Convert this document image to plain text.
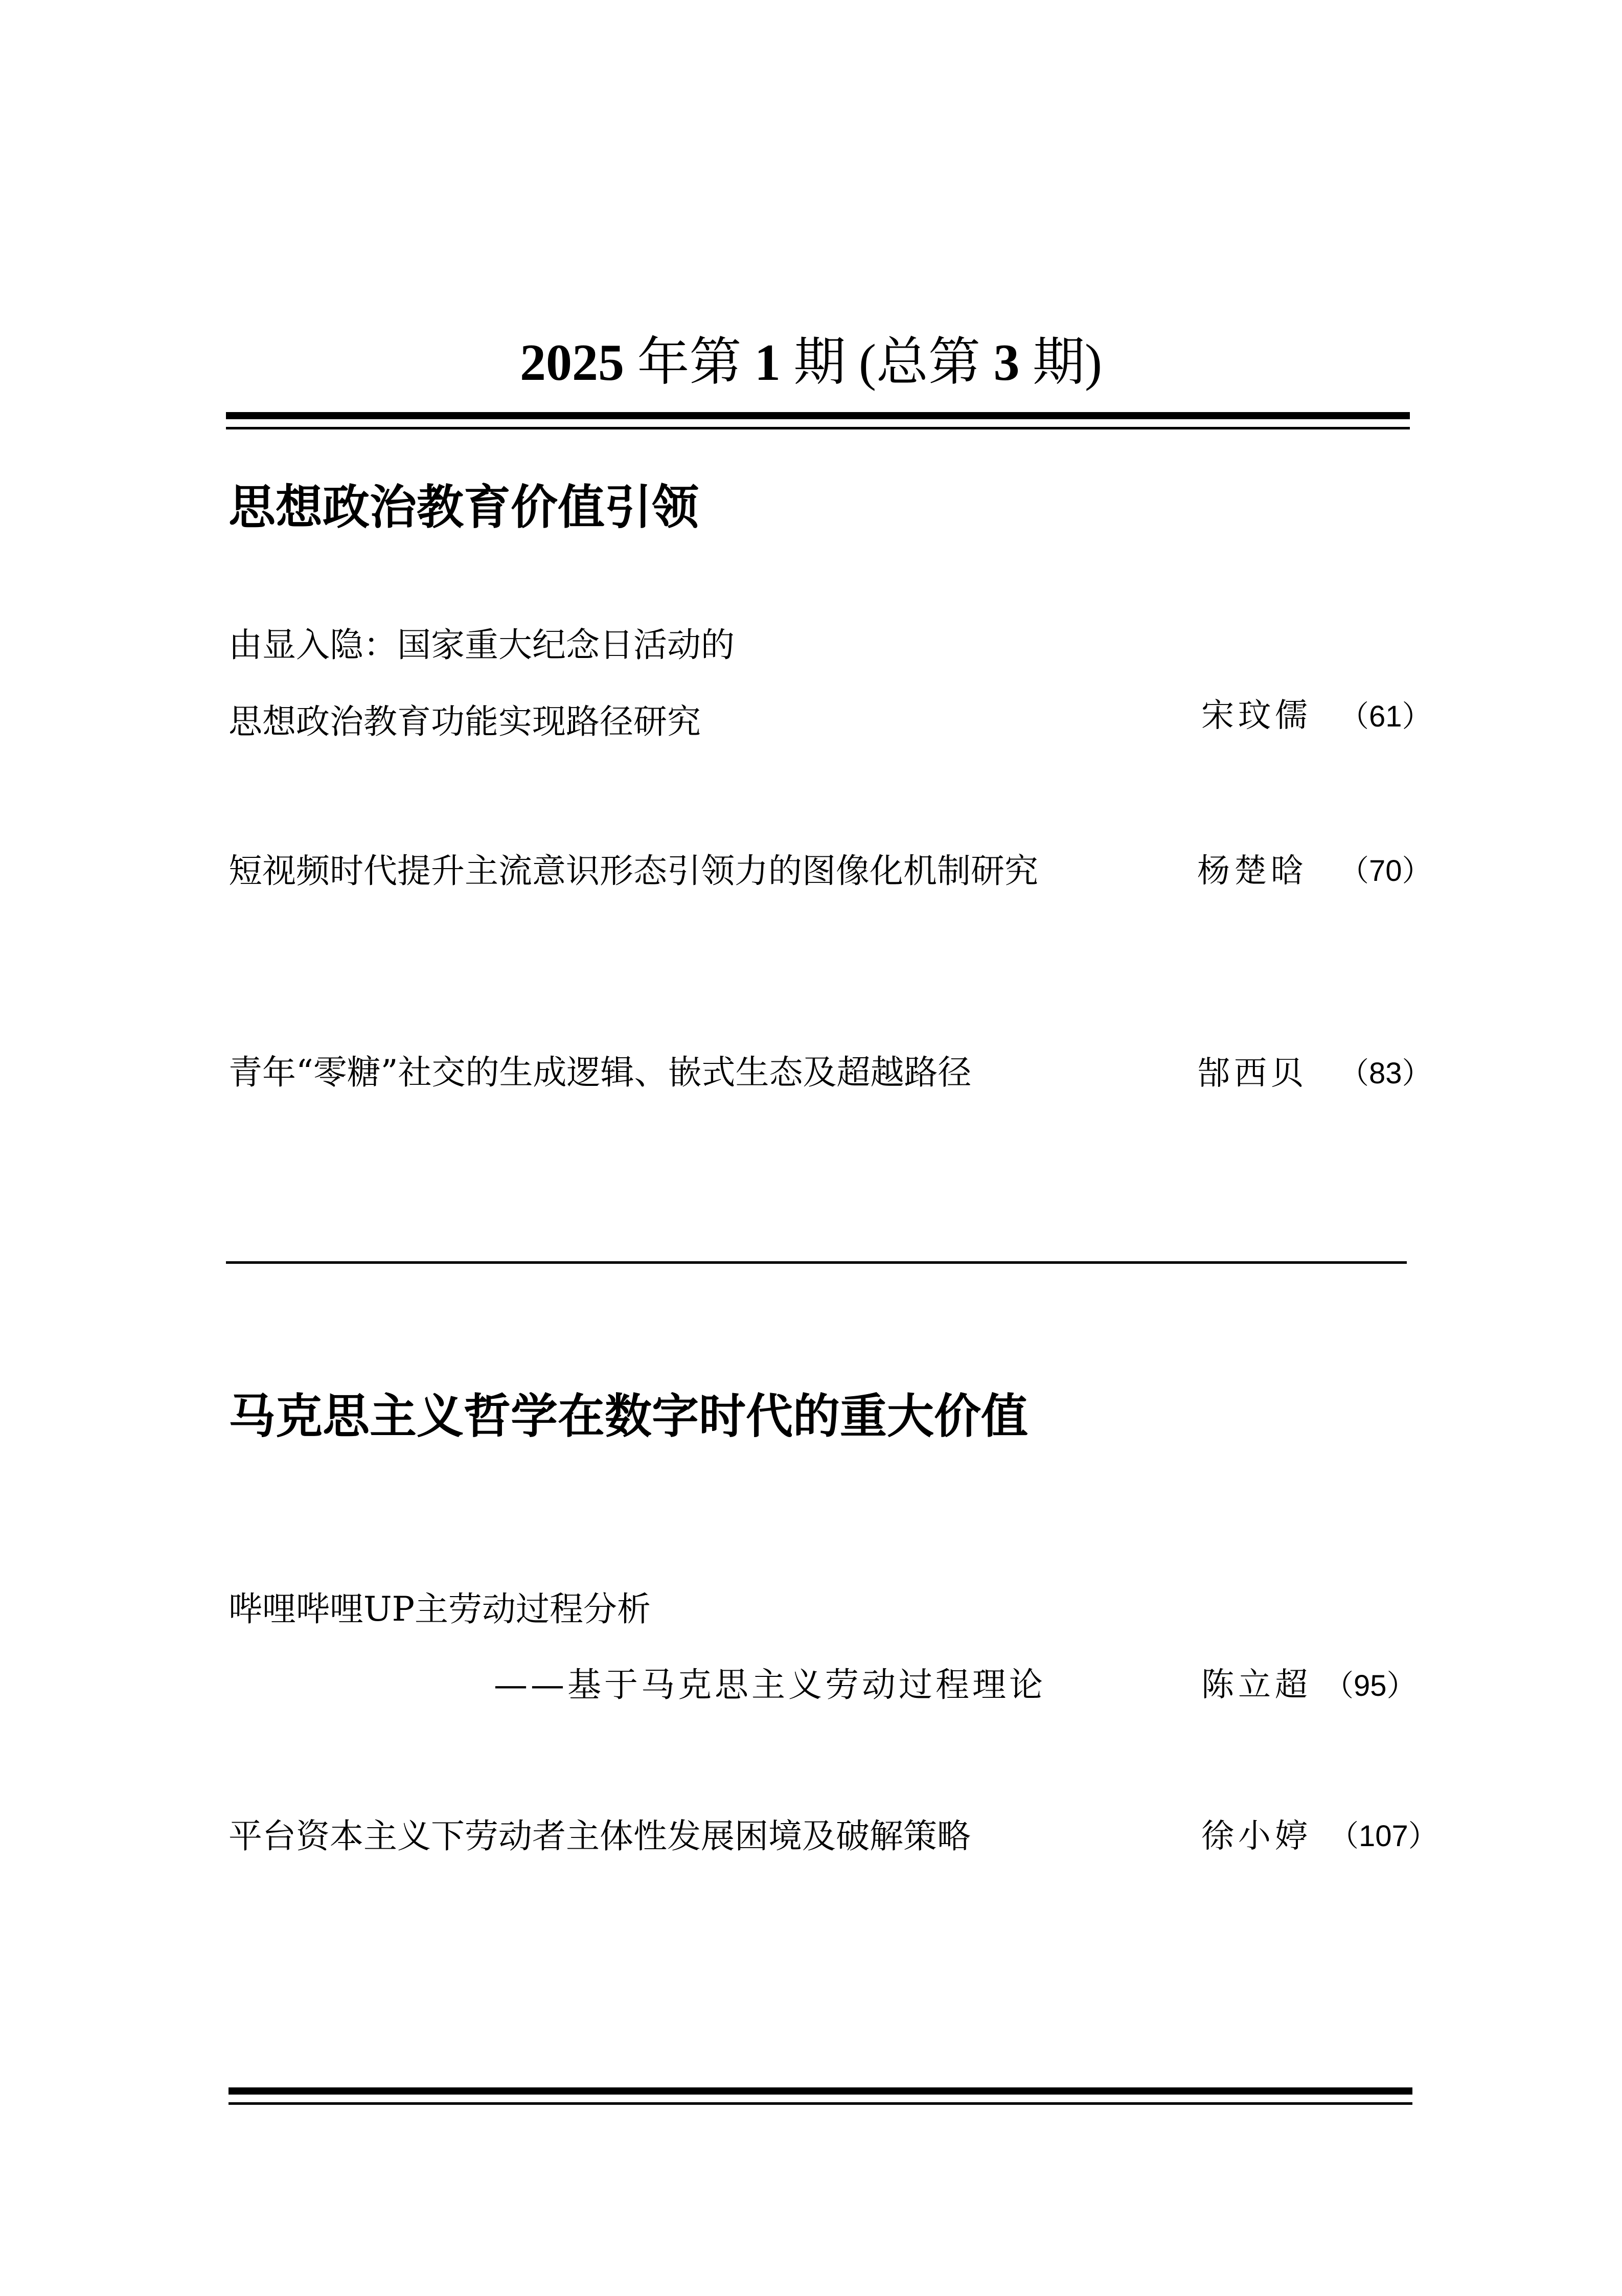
2025 年第 1 期 (总第 3 期)
思想政治教育价值引领
由显入隐：国家重大纪念日活动的
思想政治教育功能实现路径研究	宋玟儒 （61）
短视频时代提升主流意识形态引领力的图像化机制研究	杨楚晗 （70）
青年“零糖”社交的生成逻辑、嵌式生态及超越路径	郜西贝 （83）
马克思主义哲学在数字时代的重大价值
哔哩哔哩UP主劳动过程分析
——基于马克思主义劳动过程理论	陈立超 （95）
平台资本主义下劳动者主体性发展困境及破解策略	徐小婷 （107）
